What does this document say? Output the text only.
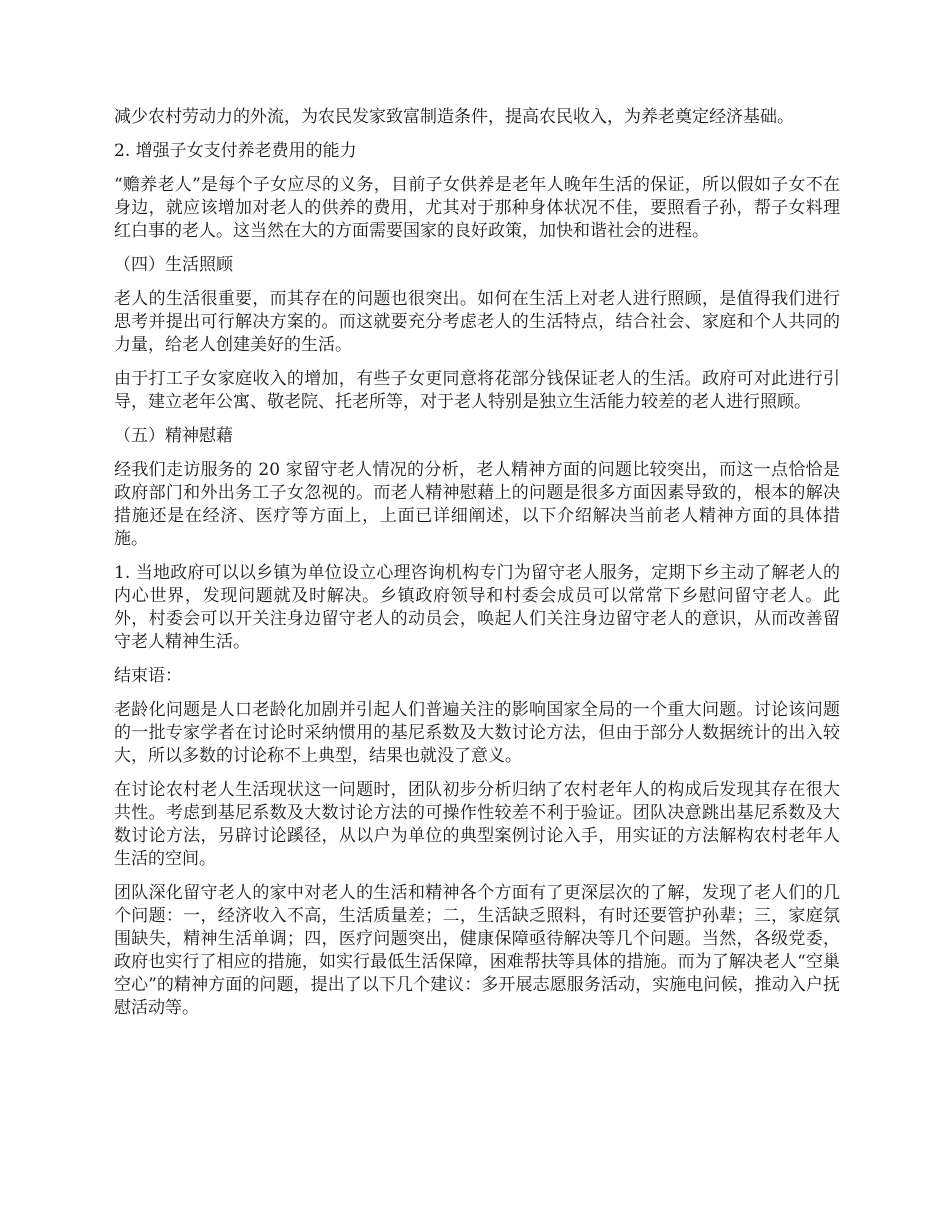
减少农村劳动力的外流，为农民发家致富制造条件，提高农民收入，为养老奠定经济基础。

2. 增强子女支付养老费用的能力

“赡养老人”是每个子女应尽的义务，目前子女供养是老年人晚年生活的保证，所以假如子女不在身边，就应该增加对老人的供养的费用，尤其对于那种身体状况不佳，要照看子孙，帮子女料理红白事的老人。这当然在大的方面需要国家的良好政策，加快和谐社会的进程。

（四）生活照顾

老人的生活很重要，而其存在的问题也很突出。如何在生活上对老人进行照顾，是值得我们进行思考并提出可行解决方案的。而这就要充分考虑老人的生活特点，结合社会、家庭和个人共同的力量，给老人创建美好的生活。

由于打工子女家庭收入的增加，有些子女更同意将花部分钱保证老人的生活。政府可对此进行引导，建立老年公寓、敬老院、托老所等，对于老人特别是独立生活能力较差的老人进行照顾。

（五）精神慰藉

经我们走访服务的 20 家留守老人情况的分析，老人精神方面的问题比较突出，而这一点恰恰是政府部门和外出务工子女忽视的。而老人精神慰藉上的问题是很多方面因素导致的，根本的解决措施还是在经济、医疗等方面上，上面已详细阐述，以下介绍解决当前老人精神方面的具体措施。

1. 当地政府可以以乡镇为单位设立心理咨询机构专门为留守老人服务，定期下乡主动了解老人的内心世界，发现问题就及时解决。乡镇政府领导和村委会成员可以常常下乡慰问留守老人。此外，村委会可以开关注身边留守老人的动员会，唤起人们关注身边留守老人的意识，从而改善留守老人精神生活。

结束语：

老龄化问题是人口老龄化加剧并引起人们普遍关注的影响国家全局的一个重大问题。讨论该问题的一批专家学者在讨论时采纳惯用的基尼系数及大数讨论方法，但由于部分人数据统计的出入较大，所以多数的讨论称不上典型，结果也就没了意义。

在讨论农村老人生活现状这一问题时，团队初步分析归纳了农村老年人的构成后发现其存在很大共性。考虑到基尼系数及大数讨论方法的可操作性较差不利于验证。团队决意跳出基尼系数及大数讨论方法，另辟讨论蹊径，从以户为单位的典型案例讨论入手，用实证的方法解构农村老年人生活的空间。

团队深化留守老人的家中对老人的生活和精神各个方面有了更深层次的了解，发现了老人们的几个问题：一，经济收入不高，生活质量差；二，生活缺乏照料，有时还要管护孙辈；三，家庭氛围缺失，精神生活单调；四，医疗问题突出，健康保障亟待解决等几个问题。当然，各级党委，政府也实行了相应的措施，如实行最低生活保障，困难帮扶等具体的措施。而为了解决老人“空巢空心”的精神方面的问题，提出了以下几个建议：多开展志愿服务活动，实施电问候，推动入户抚慰活动等。
